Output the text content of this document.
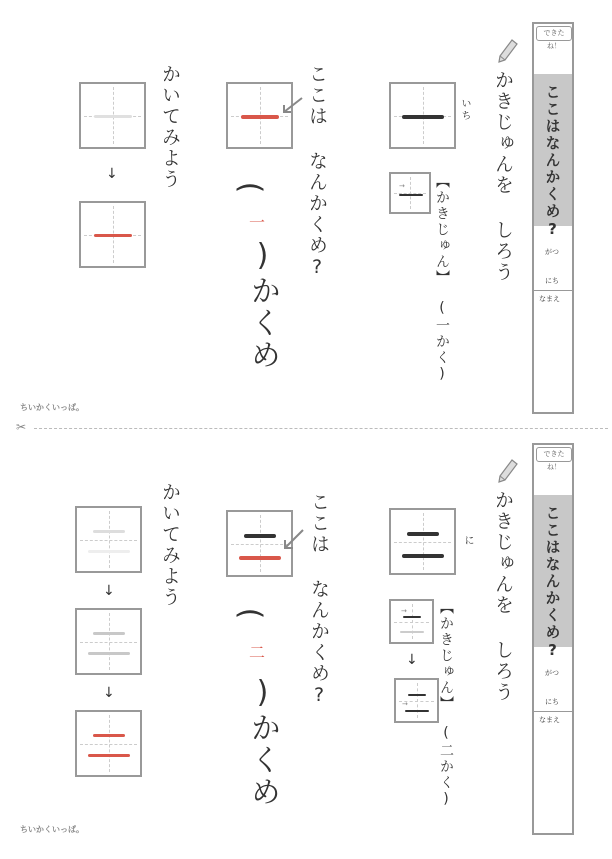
できたね！
ここはなんかくめ?
がつ
にち
なまえ
かきじゅんを しろう
いち
→ 【かきじゅん】
(一かく)
ここは なんかくめ?
(
一
)かくめ
かいてみよう
↓
ちいかくいっぱ。
✂
できたね！
ここはなんかくめ?
がつ
にち
なまえ
かきじゅんを しろう
に
→
↓
→ 【かきじゅん】
(二かく)
ここは なんかくめ?
(
二
)かくめ
かいてみよう
↓
↓
ちいかくいっぱ。
